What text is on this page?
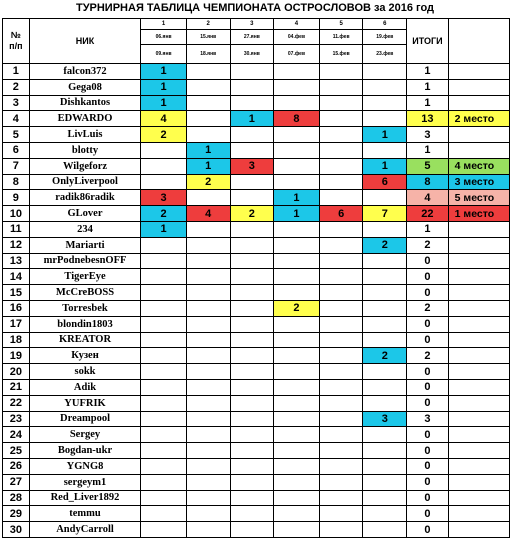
ТУРНИРНАЯ ТАБЛИЦА ЧЕМПИОНАТА ОСТРОСЛОВОВ за 2016 год
№ п/п	НИК	1	2	3	4	5	6	ИТОГИ	
		06.янв	15.янв	27.янв	04.фев	11.фев	19.фев		
		09.янв	18.янв	30.янв	07.фев	15.фев	23.фев		
1	falcon372	1						1	
2	Gega08	1						1	
3	Dishkantos	1						1	
4	EDWARDO	4		1	8			13	2 место
5	LivLuis	2					1	3	
6	blotty		1					1	
7	Wilgeforz		1	3			1	5	4 место
8	OnlyLiverpool		2				6	8	3 место
9	radik86radik	3			1			4	5 место
10	GLover	2	4	2	1	6	7	22	1 место
11	234	1						1	
12	Mariarti						2	2	
13	mrPodnebesnOFF							0	
14	TigerEye							0	
15	McCreBOSS							0	
16	Torresbek				2			2	
17	blondin1803							0	
18	KREATOR							0	
19	Кузен						2	2	
20	sokk							0	
21	Adik							0	
22	YUFRIK							0	
23	Dreampool						3	3	
24	Sergey							0	
25	Bogdan-ukr							0	
26	YGNG8							0	
27	sergeym1							0	
28	Red_Liver1892							0	
29	temmu							0	
30	AndyCarroll							0	
